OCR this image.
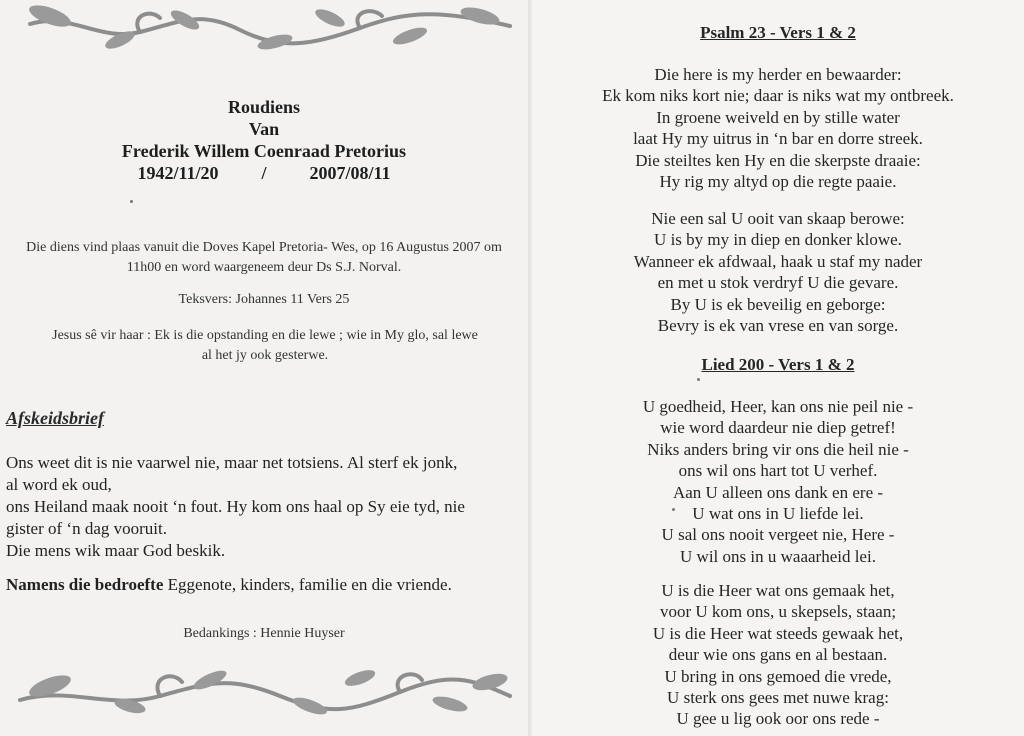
Roudiens
Van
Frederik Willem Coenraad Pretorius
1942/11/20 / 2007/08/11
Die diens vind plaas vanuit die Doves Kapel Pretoria- Wes, op 16 Augustus 2007 om 11h00 en word waargeneem deur Ds S.J. Norval.
Teksvers: Johannes 11 Vers 25
Jesus sê vir haar : Ek is die opstanding en die lewe ; wie in My glo, sal lewe al het jy ook gesterwe.
Afskeidsbrief
Ons weet dit is nie vaarwel nie, maar net totsiens. Al sterf ek jonk,
al word ek oud,
ons Heiland maak nooit ‘n fout. Hy kom ons haal op Sy eie tyd, nie
gister of ‘n dag vooruit.
Die mens wik maar God beskik.
Namens die bedroefte Eggenote, kinders, familie en die vriende.
Bedankings : Hennie Huyser
Psalm 23 - Vers 1 & 2
Die here is my herder en bewaarder:
Ek kom niks kort nie; daar is niks wat my ontbreek.
In groene weiveld en by stille water
laat Hy my uitrus in ‘n bar en dorre streek.
Die steiltes ken Hy en die skerpste draaie:
Hy rig my altyd op die regte paaie.
Nie een sal U ooit van skaap berowe:
U is by my in diep en donker klowe.
Wanneer ek afdwaal, haak u staf my nader
en met u stok verdryf U die gevare.
By U is ek beveilig en geborge:
Bevry is ek van vrese en van sorge.
Lied 200 - Vers 1 & 2
U goedheid, Heer, kan ons nie peil nie -
wie word daardeur nie diep getref!
Niks anders bring vir ons die heil nie -
ons wil ons hart tot U verhef.
Aan U alleen ons dank en ere -
U wat ons in U liefde lei.
U sal ons nooit vergeet nie, Here -
U wil ons in u waaarheid lei.
U is die Heer wat ons gemaak het,
voor U kom ons, u skepsels, staan;
U is die Heer wat steeds gewaak het,
deur wie ons gans en al bestaan.
U bring in ons gemoed die vrede,
U sterk ons gees met nuwe krag:
U gee u lig ook oor ons rede -
